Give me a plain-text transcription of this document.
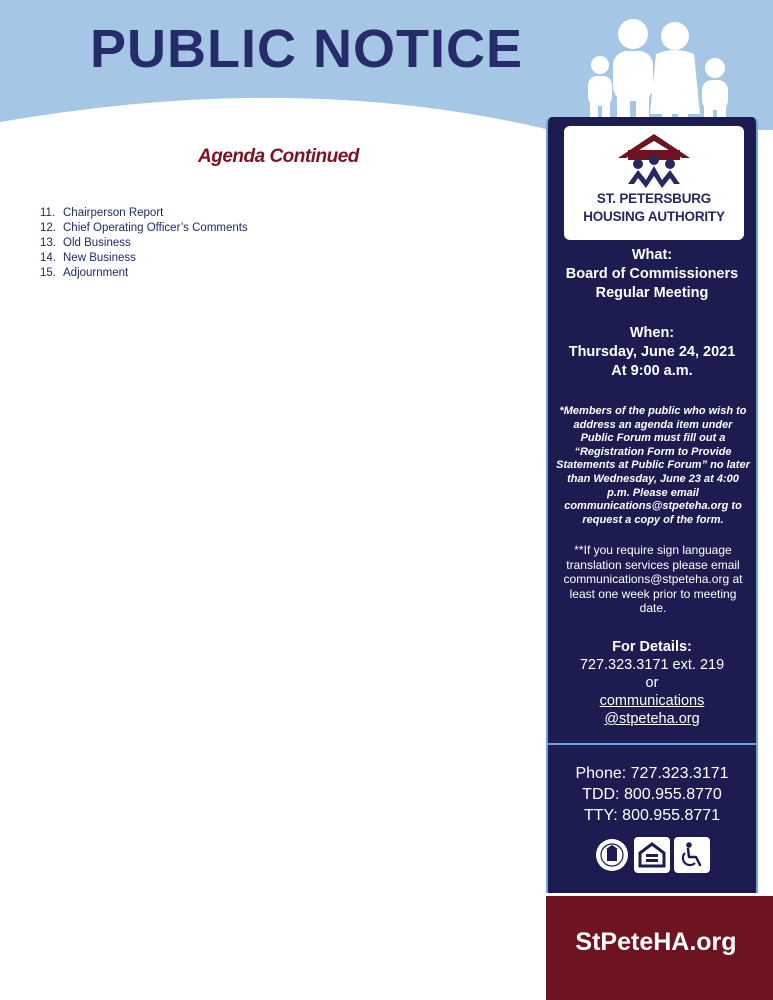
PUBLIC NOTICE
Agenda Continued
11. Chairperson Report
12. Chief Operating Officer’s Comments
13. Old Business
14. New Business
15. Adjournment
ST. PETERSBURG
HOUSING AUTHORITY
What:
Board of Commissioners
Regular Meeting
When:
Thursday, June 24, 2021
At 9:00 a.m.
*Members of the public who wish to address an agenda item under Public Forum must fill out a “Registration Form to Provide Statements at Public Forum” no later than Wednesday, June 23 at 4:00 p.m. Please email communications@stpeteha.org to request a copy of the form.
**If you require sign language translation services please email communications@stpeteha.org at least one week prior to meeting date.
For Details:
727.323.3171 ext. 219
or
communications
@stpeteha.org
Phone: 727.323.3171
TDD: 800.955.8770
TTY: 800.955.8771
StPeteHA.org
